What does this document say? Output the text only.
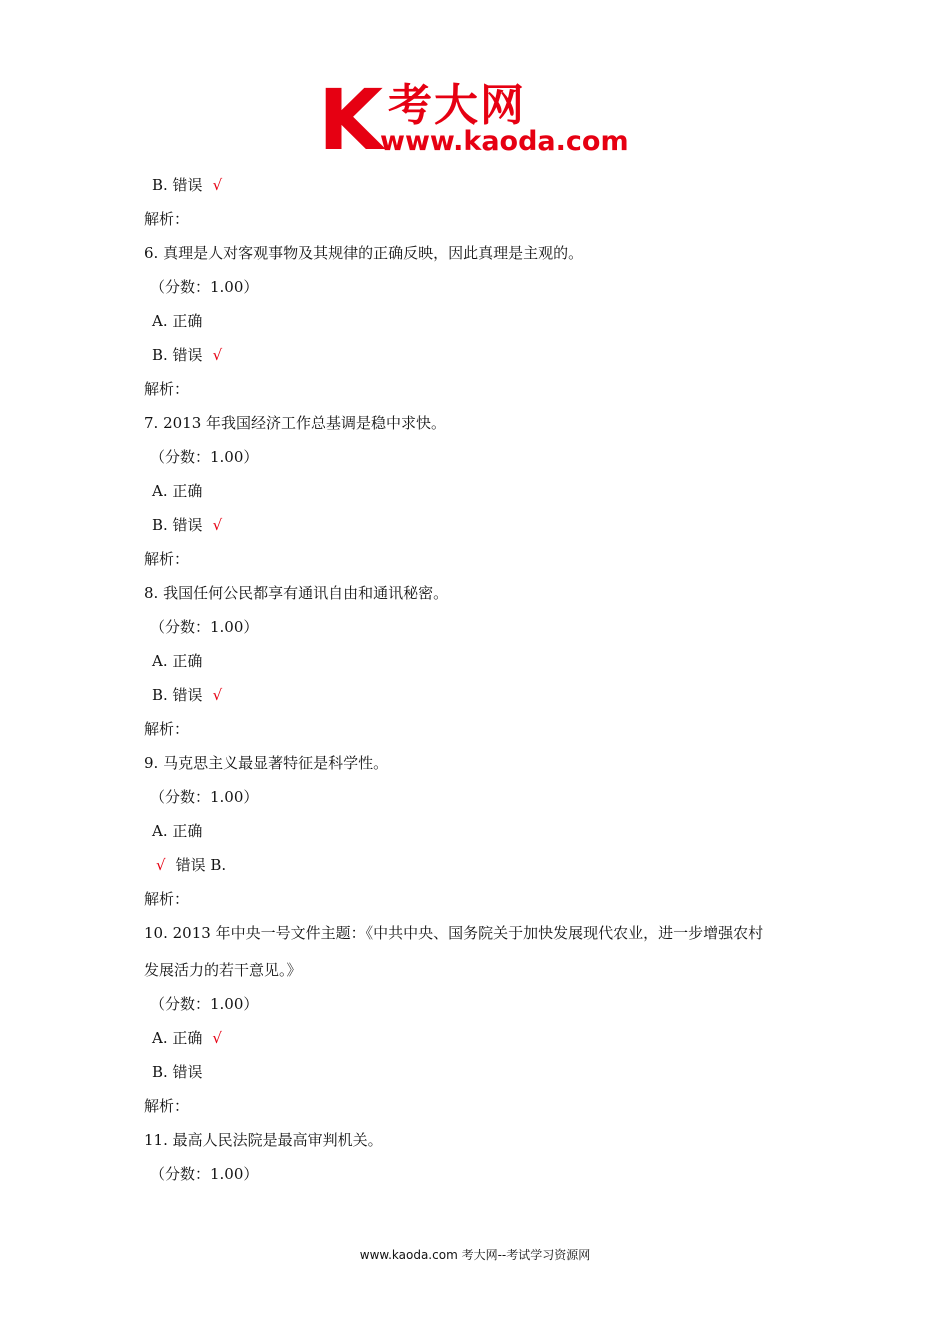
K 考大网
www.kaoda.com
B. 错误 √
解析：
6. 真理是人对客观事物及其规律的正确反映，因此真理是主观的。
（分数：1.00）
A. 正确
B. 错误 √
解析：
7. 2013 年我国经济工作总基调是稳中求快。
（分数：1.00）
A. 正确
B. 错误 √
解析：
8. 我国任何公民都享有通讯自由和通讯秘密。
（分数：1.00）
A. 正确
B. 错误 √
解析：
9. 马克思主义最显著特征是科学性。
（分数：1.00）
A. 正确
√ 错误 B.
解析：
10. 2013 年中央一号文件主题：《中共中央、国务院关于加快发展现代农业，进一步增强农村
发展活力的若干意见。》
（分数：1.00）
A. 正确 √
B. 错误
解析：
11. 最高人民法院是最高审判机关。
（分数：1.00）
www.kaoda.com 考大网--考试学习资源网
